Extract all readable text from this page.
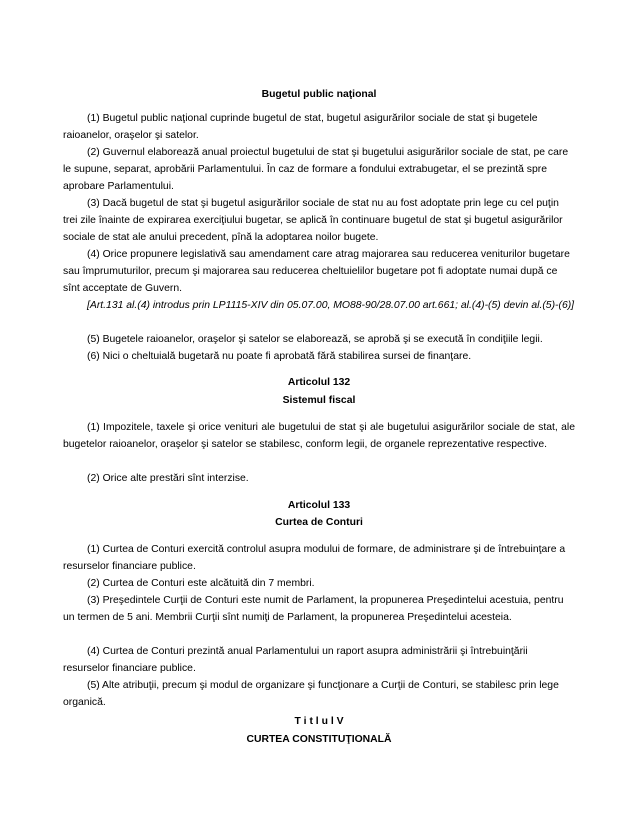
Bugetul public naţional
(1) Bugetul public naţional cuprinde bugetul de stat, bugetul asigurărilor sociale de stat şi bugetele raioanelor, oraşelor şi satelor.
(2) Guvernul elaborează anual proiectul bugetului de stat şi bugetului asigurărilor sociale de stat, pe care le supune, separat, aprobării Parlamentului. În caz de formare a fondului extrabugetar, el se prezintă spre aprobare Parlamentului.
(3) Dacă bugetul de stat şi bugetul asigurărilor sociale de stat nu au fost adoptate prin lege cu cel puţin trei zile înainte de expirarea exerciţiului bugetar, se aplică în continuare bugetul de stat şi bugetul asigurărilor sociale de stat ale anului precedent, pînă la adoptarea noilor bugete.
(4) Orice propunere legislativă sau amendament care atrag majorarea sau reducerea veniturilor bugetare sau împrumuturilor, precum şi majorarea sau reducerea cheltuielilor bugetare pot fi adoptate numai după ce sînt acceptate de Guvern.
[Art.131 al.(4) introdus prin LP1115-XIV din 05.07.00, MO88-90/28.07.00 art.661; al.(4)-(5) devin al.(5)-(6)]
(5) Bugetele raioanelor, oraşelor şi satelor se elaborează, se aprobă şi se execută în condiţiile legii.
(6) Nici o cheltuială bugetară nu poate fi aprobată fără stabilirea sursei de finanţare.
Articolul 132
Sistemul fiscal
(1) Impozitele, taxele şi orice venituri ale bugetului de stat şi ale bugetului asigurărilor sociale de stat, ale bugetelor raioanelor, oraşelor şi satelor se stabilesc, conform legii, de organele reprezentative respective.
(2) Orice alte prestări sînt interzise.
Articolul 133
Curtea de Conturi
(1) Curtea de Conturi exercită controlul asupra modului de formare, de administrare şi de întrebuinţare a resurselor financiare publice.
(2) Curtea de Conturi este alcătuită din 7 membri.
(3) Preşedintele Curţii de Conturi este numit de Parlament, la propunerea Preşedintelui acestuia, pentru un termen de 5 ani. Membrii Curţii sînt numiţi de Parlament, la propunerea Preşedintelui acesteia.
(4) Curtea de Conturi prezintă anual Parlamentului un raport asupra administrării şi întrebuinţării resurselor financiare publice.
(5) Alte atribuţii, precum şi modul de organizare şi funcţionare a Curţii de Conturi, se stabilesc prin lege organică.
T i t l u l V
CURTEA CONSTITUŢIONALĂ
